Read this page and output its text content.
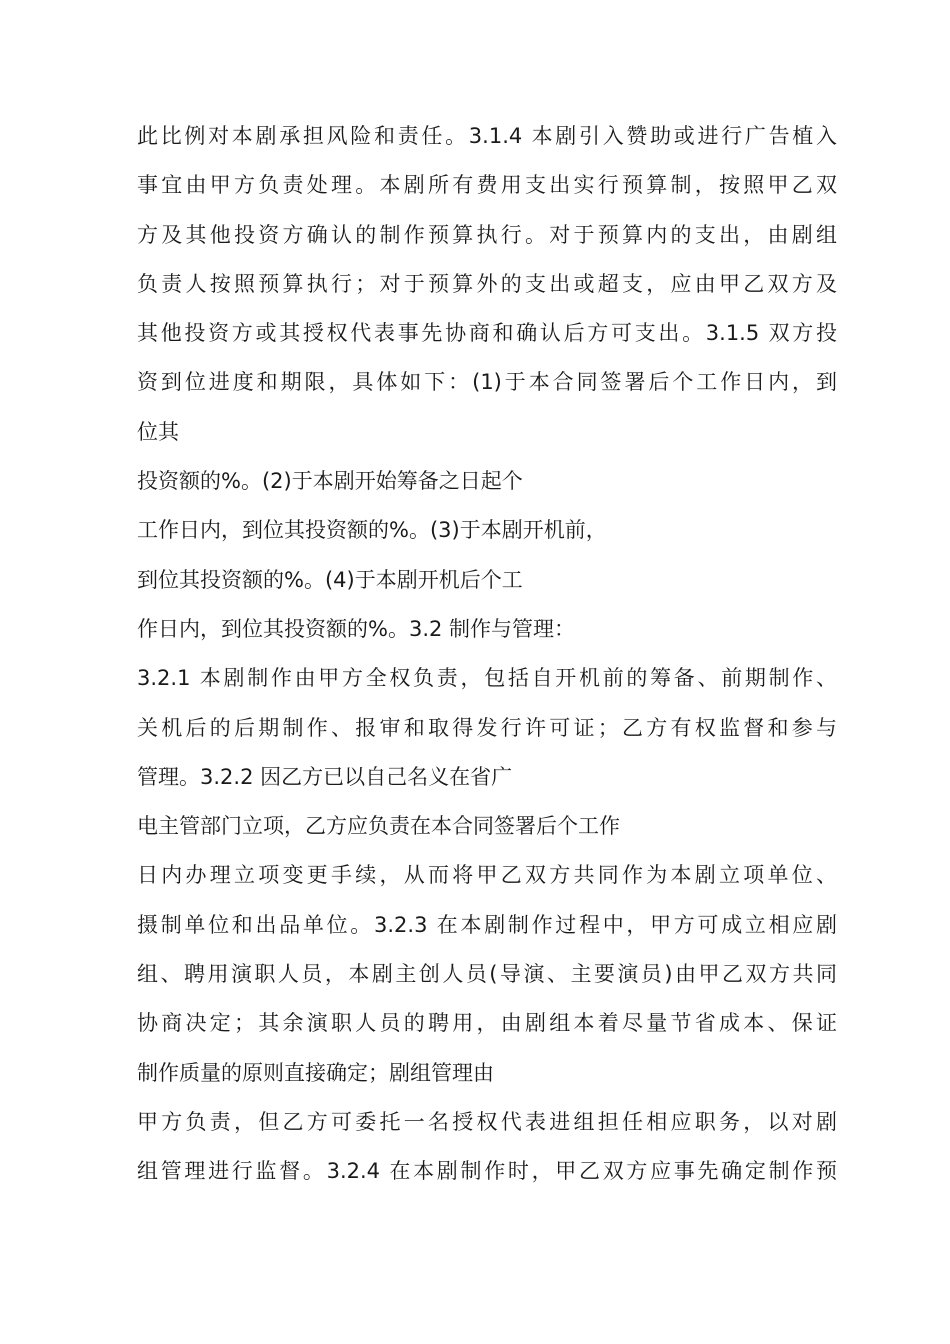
此比例对本剧承担风险和责任。3.1.4 本剧引入赞助或进行广告植入
事宜由甲方负责处理。本剧所有费用支出实行预算制，按照甲乙双
方及其他投资方确认的制作预算执行。对于预算内的支出，由剧组
负责人按照预算执行；对于预算外的支出或超支，应由甲乙双方及
其他投资方或其授权代表事先协商和确认后方可支出。3.1.5 双方投
资到位进度和期限，具体如下：(1)于本合同签署后个工作日内，到
位其
投资额的%。(2)于本剧开始筹备之日起个
工作日内，到位其投资额的%。(3)于本剧开机前，
到位其投资额的%。(4)于本剧开机后个工
作日内，到位其投资额的%。3.2 制作与管理：
3.2.1 本剧制作由甲方全权负责，包括自开机前的筹备、前期制作、
关机后的后期制作、报审和取得发行许可证；乙方有权监督和参与
管理。3.2.2 因乙方已以自己名义在省广
电主管部门立项，乙方应负责在本合同签署后个工作
日内办理立项变更手续，从而将甲乙双方共同作为本剧立项单位、
摄制单位和出品单位。3.2.3 在本剧制作过程中，甲方可成立相应剧
组、聘用演职人员，本剧主创人员(导演、主要演员)由甲乙双方共同
协商决定；其余演职人员的聘用，由剧组本着尽量节省成本、保证
制作质量的原则直接确定；剧组管理由
甲方负责，但乙方可委托一名授权代表进组担任相应职务，以对剧
组管理进行监督。3.2.4 在本剧制作时，甲乙双方应事先确定制作预
